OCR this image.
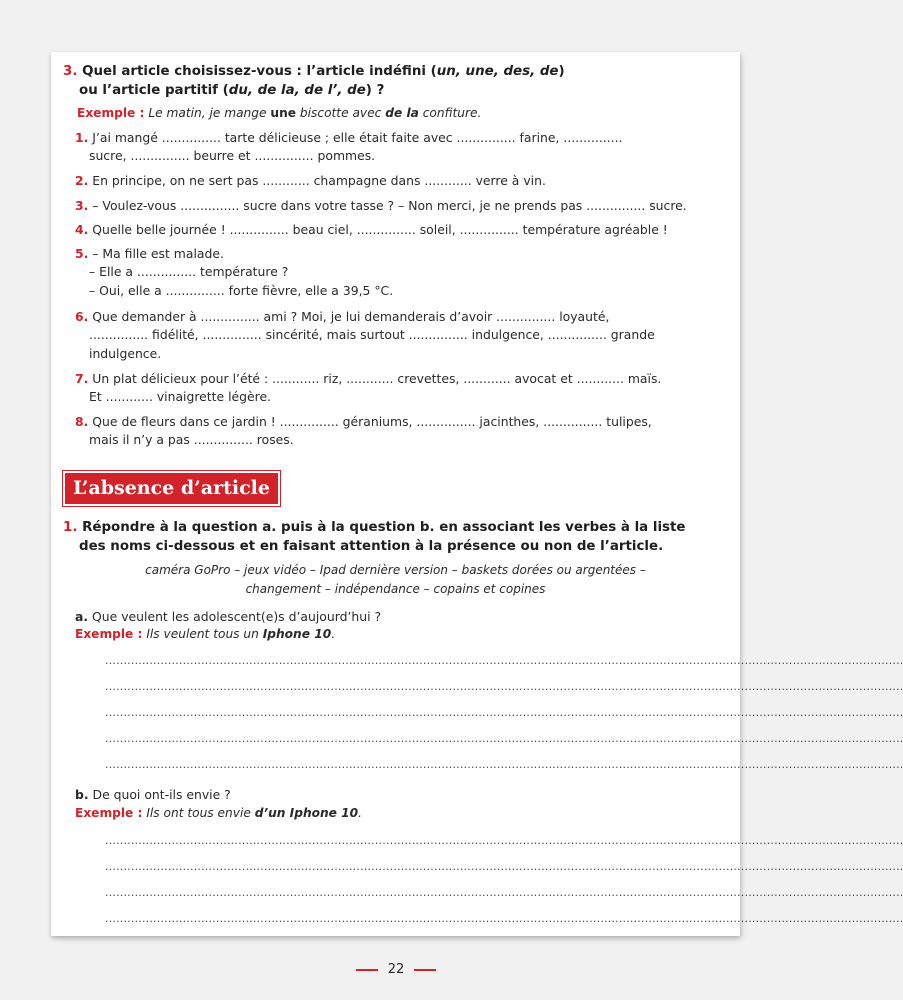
3. Quel article choisissez-vous : l’article indéfini (un, une, des, de)
ou l’article partitif (du, de la, de l’, de) ?
Exemple : Le matin, je mange une biscotte avec de la confiture.
1. J’ai mangé ............... tarte délicieuse ; elle était faite avec ............... farine, ...............
sucre, ............... beurre et ............... pommes.
2. En principe, on ne sert pas ............ champagne dans ............ verre à vin.
3. – Voulez-vous ............... sucre dans votre tasse ? – Non merci, je ne prends pas ............... sucre.
4. Quelle belle journée ! ............... beau ciel, ............... soleil, ............... température agréable !
5. – Ma fille est malade.
– Elle a ............... température ?
– Oui, elle a ............... forte fièvre, elle a 39,5 °C.
6. Que demander à ............... ami ? Moi, je lui demanderais d’avoir ............... loyauté,
............... fidélité, ............... sincérité, mais surtout ............... indulgence, ............... grande
indulgence.
7. Un plat délicieux pour l’été : ............ riz, ............ crevettes, ............ avocat et ............ maïs.
Et ............ vinaigrette légère.
8. Que de fleurs dans ce jardin ! ............... géraniums, ............... jacinthes, ............... tulipes,
mais il n’y a pas ............... roses.
L’absence d’article
1. Répondre à la question a. puis à la question b. en associant les verbes à la liste
des noms ci-dessous et en faisant attention à la présence ou non de l’article.
caméra GoPro – jeux vidéo – Ipad dernière version – baskets dorées ou argentées –
changement – indépendance – copains et copines
a. Que veulent les adolescent(e)s d’aujourd’hui ?
Exemple : Ils veulent tous un Iphone 10.
........................................................................................................................................................................................................................
........................................................................................................................................................................................................................
........................................................................................................................................................................................................................
........................................................................................................................................................................................................................
........................................................................................................................................................................................................................
b. De quoi ont-ils envie ?
Exemple : Ils ont tous envie d’un Iphone 10.
........................................................................................................................................................................................................................
........................................................................................................................................................................................................................
........................................................................................................................................................................................................................
........................................................................................................................................................................................................................
22
